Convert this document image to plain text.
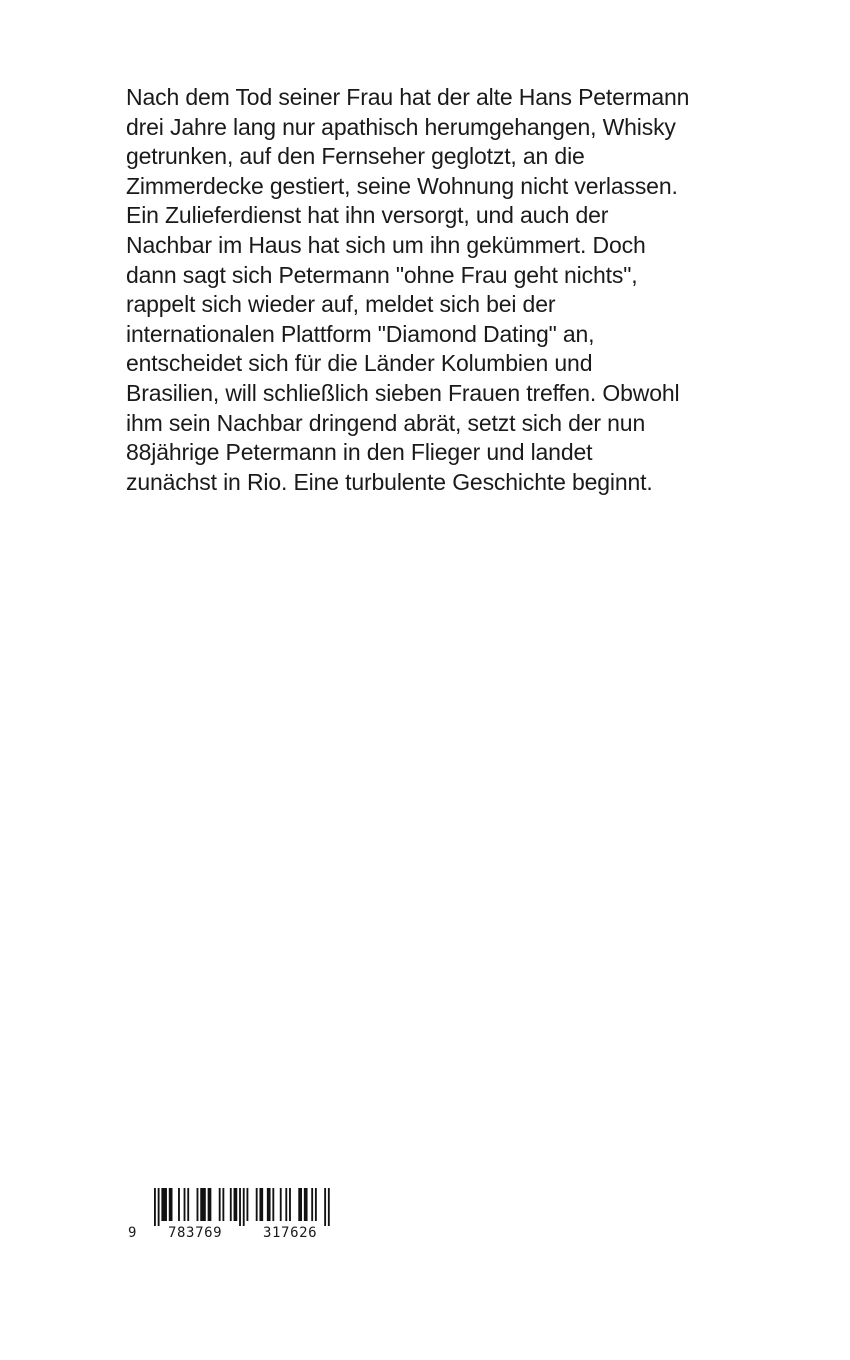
Nach dem Tod seiner Frau hat der alte Hans Petermann
drei Jahre lang nur apathisch herumgehangen, Whisky
getrunken, auf den Fernseher geglotzt, an die
Zimmerdecke gestiert, seine Wohnung nicht verlassen.
Ein Zulieferdienst hat ihn versorgt, und auch der
Nachbar im Haus hat sich um ihn gekümmert. Doch
dann sagt sich Petermann "ohne Frau geht nichts",
rappelt sich wieder auf, meldet sich bei der
internationalen Plattform "Diamond Dating" an,
entscheidet sich für die Länder Kolumbien und
Brasilien, will schließlich sieben Frauen treffen. Obwohl
ihm sein Nachbar dringend abrät, setzt sich der nun
88jährige Petermann in den Flieger und landet
zunächst in Rio. Eine turbulente Geschichte beginnt.
9 783769	317626
